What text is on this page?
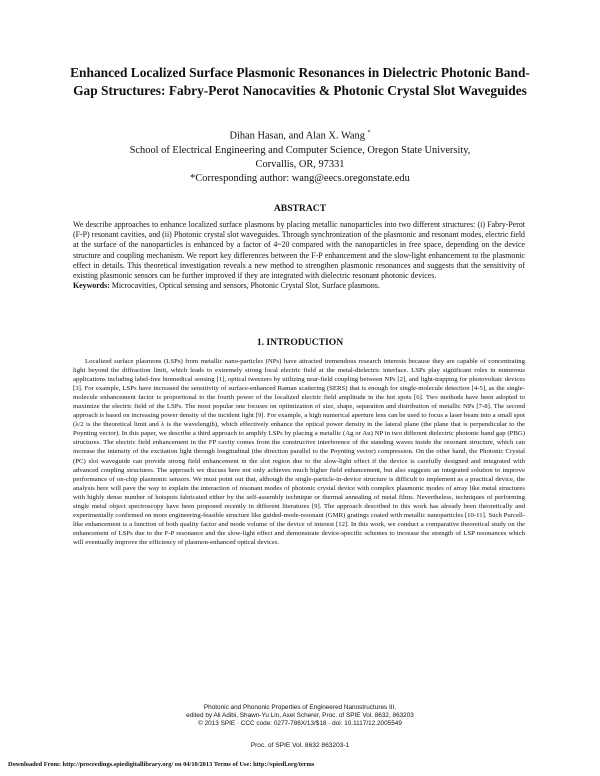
Enhanced Localized Surface Plasmonic Resonances in Dielectric Photonic Band-Gap Structures: Fabry-Perot Nanocavities & Photonic Crystal Slot Waveguides
Dihan Hasan, and Alan X. Wang *
School of Electrical Engineering and Computer Science, Oregon State University,
Corvallis, OR, 97331
*Corresponding author: wang@eecs.oregonstate.edu
ABSTRACT
We describe approaches to enhance localized surface plasmons by placing metallic nanoparticles into two different structures: (i) Fabry-Perot (F-P) resonant cavities, and (ii) Photonic crystal slot waveguides. Through synchronization of the plasmonic and resonant modes, electric field at the surface of the nanoparticles is enhanced by a factor of 4~20 compared with the nanoparticles in free space, depending on the device structure and coupling mechanism. We report key differences between the F-P enhancement and the slow-light enhancement to the plasmonic effect in details. This theoretical investigation reveals a new method to strengthen plasmonic resonances and suggests that the sensitivity of existing plasmonic sensors can be further improved if they are integrated with dielectric resonant photonic devices.
Keywords: Microcavities, Optical sensing and sensors, Photonic Crystal Slot, Surface plasmons.
1. INTRODUCTION
Localized surface plasmons (LSPs) from metallic nano-particles (NPs) have attracted tremendous research interests because they are capable of concentrating light beyond the diffraction limit, which leads to extremely strong local electric field at the metal-dielectric interface. LSPs play significant roles in numerous applications including label-free biomedical sensing [1], optical tweezers by utilizing near-field coupling between NPs [2], and light-trapping for photovoltaic devices [3]. For example, LSPs have increased the sensitivity of surface-enhanced Raman scattering (SERS) that is enough for single-molecule detection [4-5], as the single-molecule enhancement factor is proportional to the fourth power of the localized electric field amplitude in the hot spots [6]. Two methods have been adopted to maximize the electric field of the LSPs. The most popular one focuses on optimization of size, shape, separation and distribution of metallic NPs [7-8]. The second approach is based on increasing power density of the incident light [9]. For example, a high numerical aperture lens can be used to focus a laser beam into a small spot (λ/2 is the theoretical limit and λ is the wavelength), which effectively enhance the optical power density in the lateral plane (the plane that is perpendicular to the Poynting vector). In this paper, we describe a third approach to amplify LSPs by placing a metallic (Ag or Au) NP in two different dielectric photonic band gap (PBG) structures. The electric field enhancement in the FP cavity comes from the constructive interference of the standing waves inside the resonant structure, which can increase the intensity of the excitation light through longitudinal (the direction parallel to the Poynting vector) compression. On the other hand, the Photonic Crystal (PC) slot waveguide can provide strong field enhancement in the slot region due to the slow-light effect if the device is carefully designed and integrated with advanced coupling structures. The approach we discuss here not only achieves much higher field enhancement, but also suggests an integrated solution to improve performance of on-chip plasmonic sensors. We must point out that, although the single-particle-in-device structure is difficult to implement as a practical device, the analysis here will pave the way to explain the interaction of resonant modes of photonic crystal device with complex plasmonic modes of array like metal structures with highly dense number of hotspots fabricated either by the self-assembly technique or thermal annealing of metal films. Nevertheless, techniques of performing single metal object spectroscopy have been proposed recently in different literatures [9]. The approach described in this work has already been theoretically and experimentally confirmed on more engineering-feasible structure like guided-mode-resonant (GMR) gratings coated with metallic nanoparticles [10-11]. Such Purcell-like enhancement is a function of both quality factor and mode volume of the device of interest [12]. In this work, we conduct a comparative theoretical study on the enhancement of LSPs due to the F-P resonance and the slow-light effect and demonstrate device-specific schemes to increase the strength of LSP resonances which will eventually improve the efficiency of plasmon-enhanced optical devices.
Photonic and Phononic Properties of Engineered Nanostructures III,
edited by Ali Adibi, Shawn-Yu Lin, Axel Scherer, Proc. of SPIE Vol. 8632, 863203
© 2013 SPIE · CCC code: 0277-786X/13/$18 · doi: 10.1117/12.2005549
Proc. of SPIE Vol. 8632 863203-1
Downloaded From: http://proceedings.spiedigitallibrary.org/ on 04/10/2013 Terms of Use: http://spiedl.org/terms
